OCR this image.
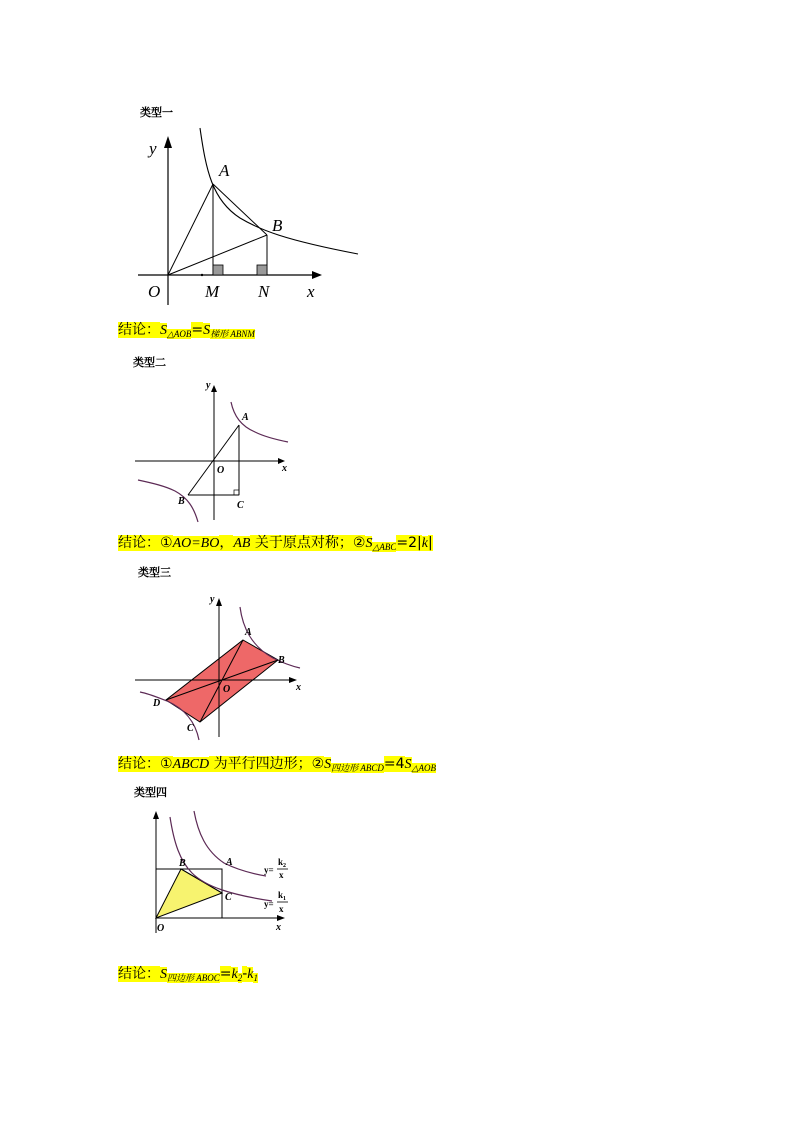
类型一
y
A
B
O	M N x
结论：$S_{\triangle AOB}=S_{梯形 ABNM}$
类型二
y
A
O	x
B	C
结论：①AO=BO，AB 关于原点对称；$②S_{\triangle ABC}=2|k|$
类型三
y
A
B
O	x
D
C
结论：①ABCD 为平行四边形；$②S_{四边形 ABCD}=4S_{\triangle AOB}$
类型四
B	A
C
O	x
y=
k 2
x
y=
k 1
x
结论：$S_{四边形 ABOC}=k_2-k_1$
